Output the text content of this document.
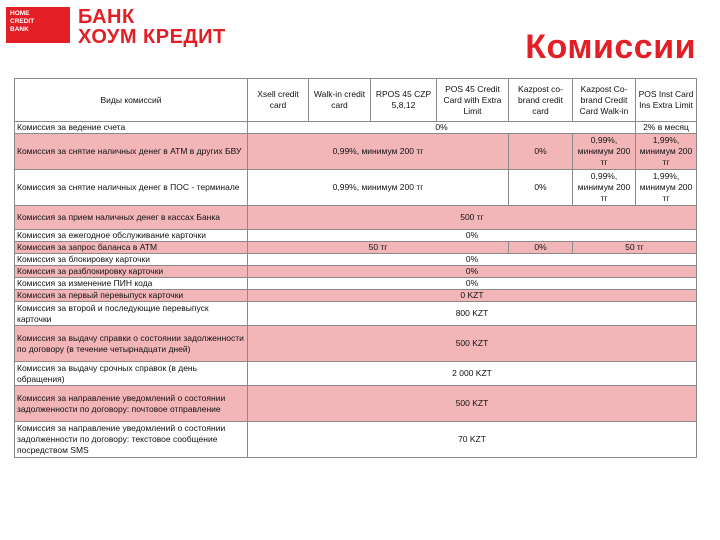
HOME
CREDIT
BANK
БАНК
ХОУМ КРЕДИТ	Комиссии
Виды комиссий	Xsell credit card	Walk-in credit card	RPOS 45 CZP 5,8,12	POS 45 Credit Card with Extra Limit	Kazpost co-brand credit card	Kazpost Co-brand Credit Card Walk-in	POS Inst Card Ins Extra Limit
Комиссия за ведение счета	0%						2% в месяц
Комиссия за снятие наличных денег в АТМ в других БВУ	0,99%, минимум 200 тг				0%	0,99%, минимум 200 тг	1,99%, минимум 200 тг
Комиссия за снятие наличных денег в ПОС - терминале	0,99%, минимум 200 тг				0%	0,99%, минимум 200 тг	1,99%, минимум 200 тг
Комиссия за прием наличных денег в кассах Банка	500 тг						
Комиссия за ежегодное обслуживание карточки	0%						
Комиссия за запрос баланса в АТМ	50 тг				0%	50 тг	
Комиссия за блокировку карточки	0%						
Комиссия за разблокировку карточки	0%						
Комиссия за изменение ПИН кода	0%						
Комиссия за первый перевыпуск карточки	0 KZT						
Комиссия за второй и последующие перевыпуск карточки	800 KZT						
Комиссия за выдачу справки о состоянии задолженности по договору (в течение четырнадцати дней)	500 KZT						
Комиссия за выдачу срочных справок (в день обращения)	2 000 KZT						
Комиссия за направление уведомлений о состоянии задолженности по договору: почтовое отправление	500 KZT						
Комиссия за направление уведомлений о состоянии задолженности по договору: текстовое сообщение посредством SMS	70 KZT						
